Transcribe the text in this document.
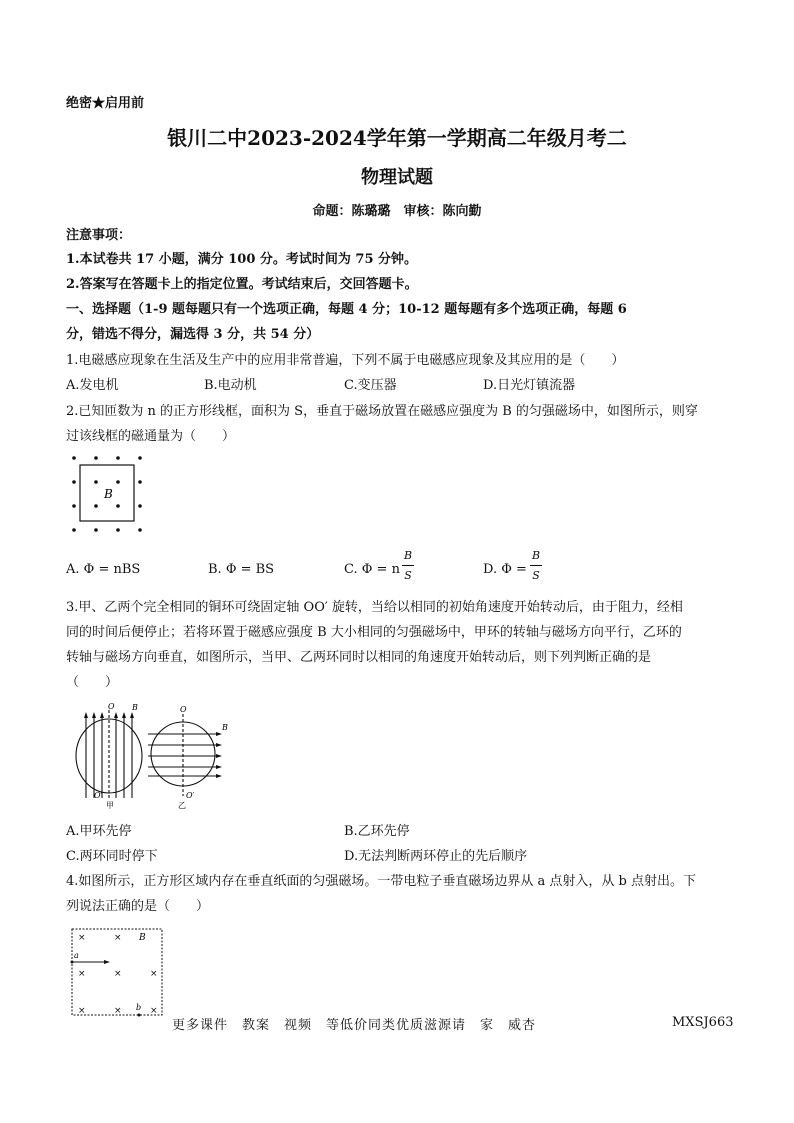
绝密★启用前
银川二中2023-2024学年第一学期高二年级月考二
物理试题
命题：陈璐璐　审核：陈向勤
注意事项：
1.本试卷共 17 小题，满分 100 分。考试时间为 75 分钟。
2.答案写在答题卡上的指定位置。考试结束后，交回答题卡。
一、选择题（1-9 题每题只有一个选项正确，每题 4 分；10-12 题每题有多个选项正确，每题 6
分，错选不得分，漏选得 3 分，共 54 分）
1.电磁感应现象在生活及生产中的应用非常普遍，下列不属于电磁感应现象及其应用的是（　　）
A.发电机	B.电动机	C.变压器	D.日光灯镇流器
2.已知匝数为 n 的正方形线框，面积为 S，垂直于磁场放置在磁感应强度为 B 的匀强磁场中，如图所示，则穿
过该线框的磁通量为（　　）
B
A. Φ = nBS	B. Φ = BS	C. Φ = n
B
S	D. Φ =
B
S
3.甲、乙两个完全相同的铜环可绕固定轴 OO′ 旋转，当给以相同的初始角速度开始转动后，由于阻力，经相
同的时间后便停止；若将环置于磁感应强度 B 大小相同的匀强磁场中，甲环的转轴与磁场方向平行，乙环的
转轴与磁场方向垂直，如图所示，当甲、乙两环同时以相同的角速度开始转动后，则下列判断正确的是
（　　）
O B
O′
甲
O
B
O′
乙
A.甲环先停	B.乙环先停
C.两环同时停下	D.无法判断两环停止的先后顺序
4.如图所示，正方形区域内存在垂直纸面的匀强磁场。一带电粒子垂直磁场边界从 a 点射入，从 b 点射出。下
列说法正确的是（　　）
×	×
×	×	×
×	×	×
B
a
b
更多课件　教案　视频　等低价同类优质滋源请　家　威杏	MXSJ663
